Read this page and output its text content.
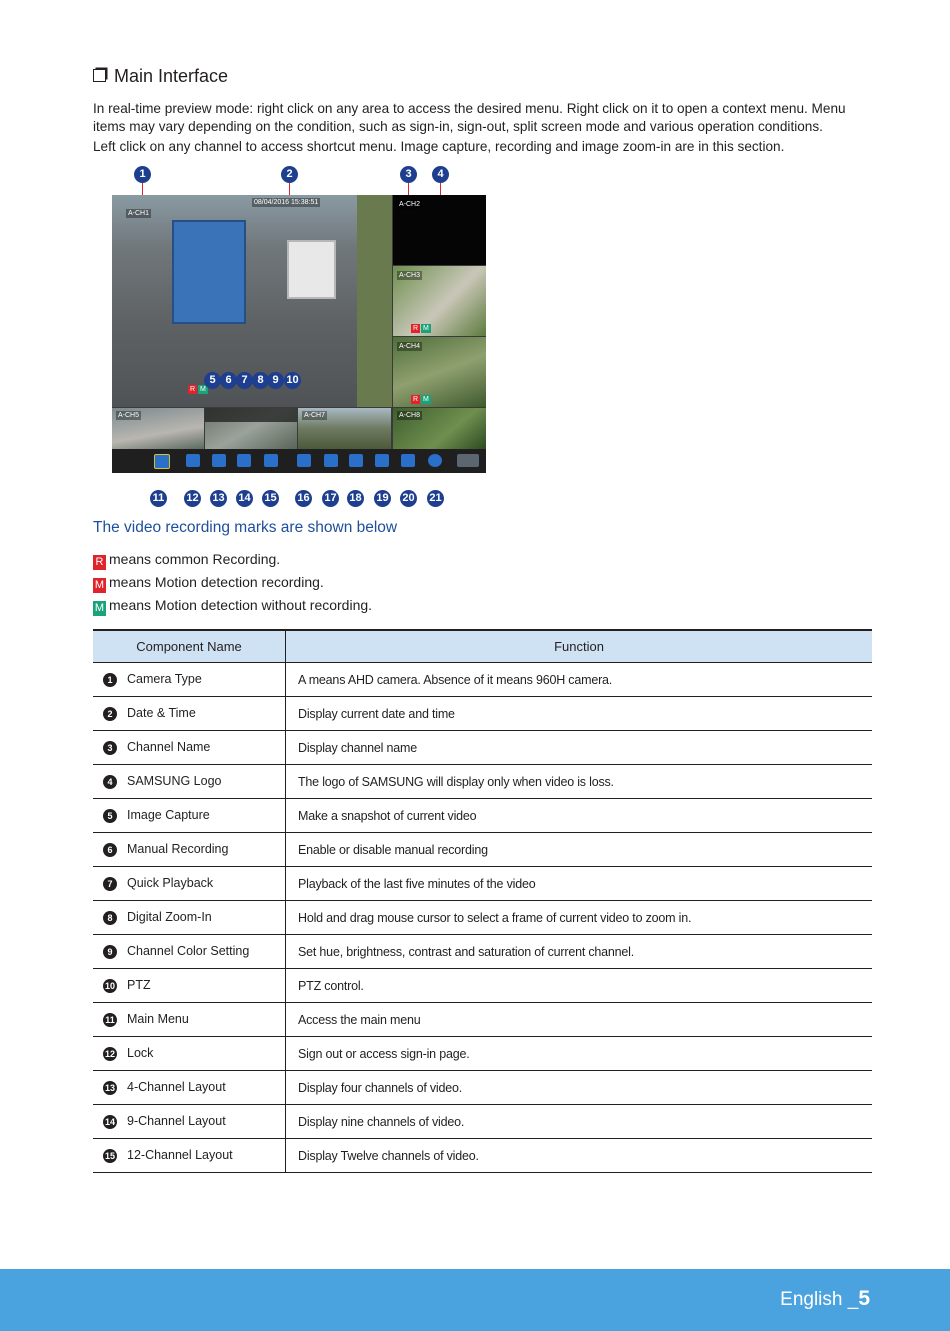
Main Interface
In real-time preview mode: right click on any area to access the desired menu. Right click on it to open a context menu. Menu items may vary depending on the condition, such as sign-in, sign-out, split screen mode and various operation conditions.
Left click on any channel to access shortcut menu. Image capture, recording and image zoom-in are in this section.
1	2	3	4
A-CH1
08/04/2016 15:38:51
R M
A-CH2
A-CH3
R M
A-CH4
R M
A-CH5	A-CH7	A-CH8
5 6 7 8 9 10
11 12 13 14 15 16 17 18 19 20 21
The video recording marks are shown below
R means common Recording.
M means Motion detection recording.
M means Motion detection without recording.
Component Name	Function
1 Camera Type	A means AHD camera. Absence of it means 960H camera.
2 Date & Time	Display current date and time
3 Channel Name	Display channel name
4 SAMSUNG Logo	The logo of SAMSUNG will display only when video is loss.
5 Image Capture	Make a snapshot of current video
6 Manual Recording	Enable or disable manual recording
7 Quick Playback	Playback of the last five minutes of the video
8 Digital Zoom-In	Hold and drag mouse cursor to select a frame of current video to zoom in.
9 Channel Color Setting	Set hue, brightness, contrast and saturation of current channel.
10 PTZ	PTZ control.
11 Main Menu	Access the main menu
12 Lock	Sign out or access sign-in page.
13 4-Channel Layout	Display four channels of video.
14 9-Channel Layout	Display nine channels of video.
15 12-Channel Layout	Display Twelve channels of video.
English _5
